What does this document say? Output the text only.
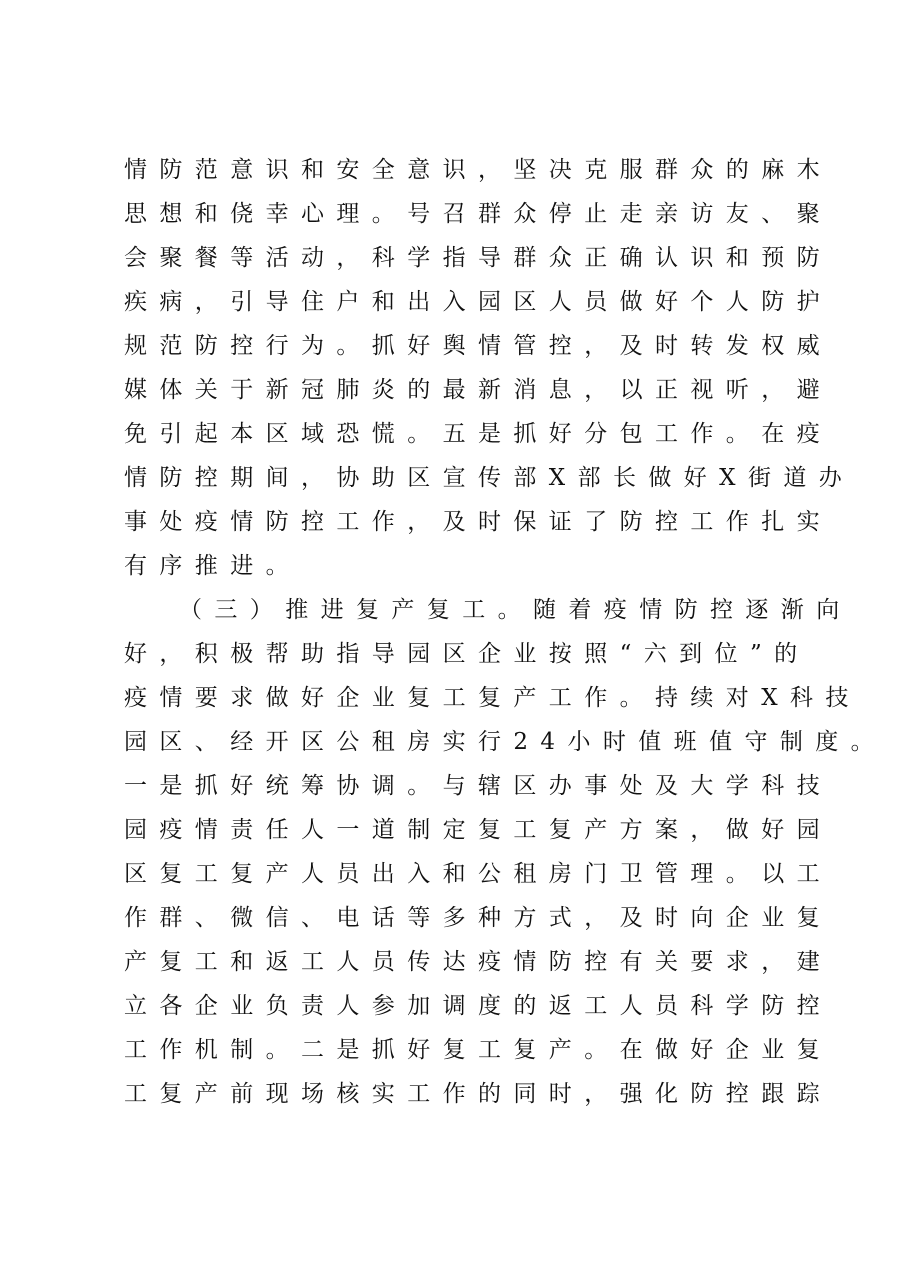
情防范意识和安全意识，坚决克服群众的麻木
思想和侥幸心理。号召群众停止走亲访友、聚
会聚餐等活动，科学指导群众正确认识和预防
疾病，引导住户和出入园区人员做好个人防护
规范防控行为。抓好舆情管控，及时转发权威
媒体关于新冠肺炎的最新消息，以正视听，避
免引起本区域恐慌。五是抓好分包工作。在疫
情防控期间，协助区宣传部X部长做好X街道办
事处疫情防控工作，及时保证了防控工作扎实
有序推进。
（三）推进复产复工。随着疫情防控逐渐向
好，积极帮助指导园区企业按照“六到位”的
疫情要求做好企业复工复产工作。持续对X科技
园区、经开区公租房实行24小时值班值守制度。
一是抓好统筹协调。与辖区办事处及大学科技
园疫情责任人一道制定复工复产方案，做好园
区复工复产人员出入和公租房门卫管理。以工
作群、微信、电话等多种方式，及时向企业复
产复工和返工人员传达疫情防控有关要求，建
立各企业负责人参加调度的返工人员科学防控
工作机制。二是抓好复工复产。在做好企业复
工复产前现场核实工作的同时，强化防控跟踪
